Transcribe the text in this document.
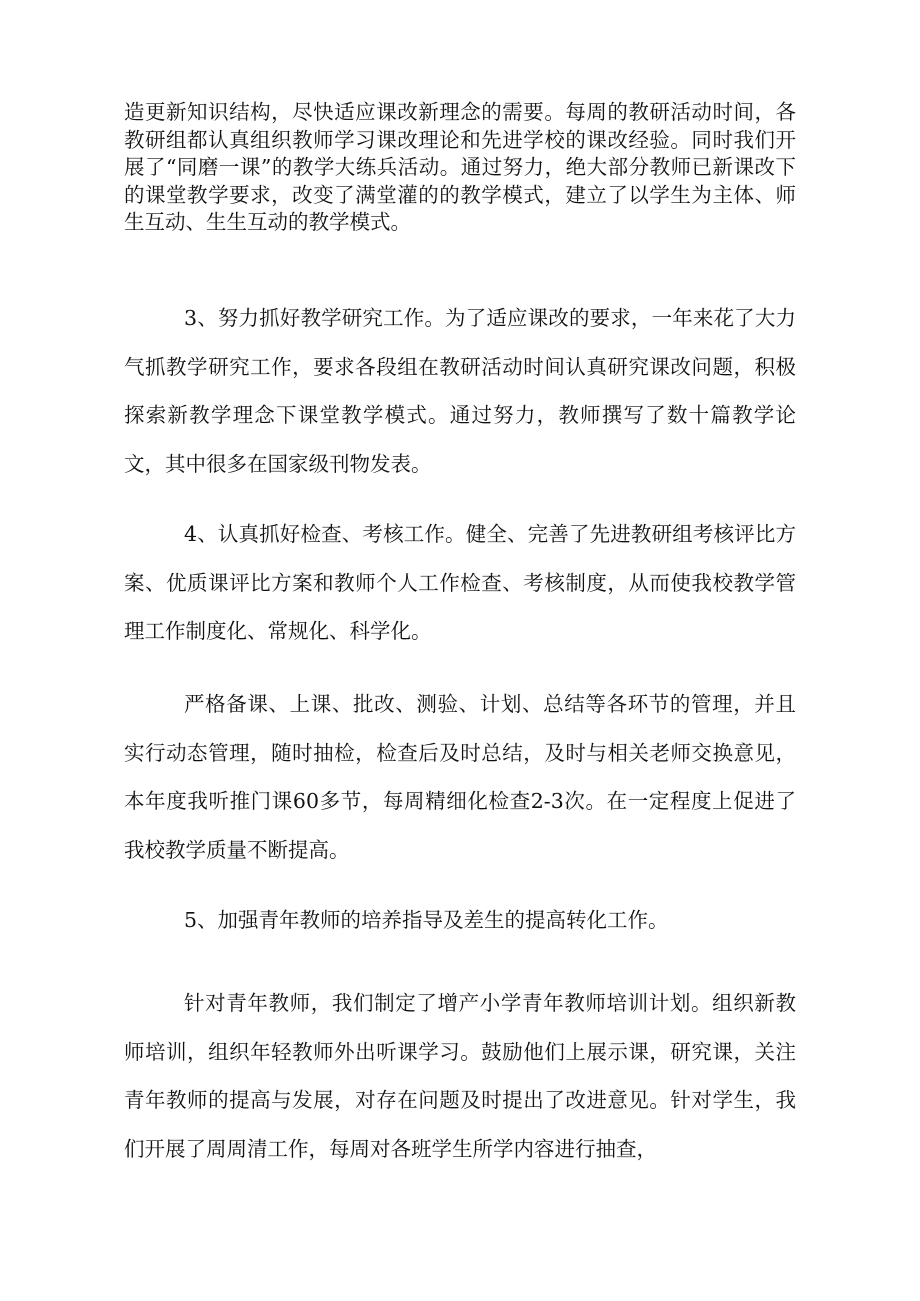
造更新知识结构，尽快适应课改新理念的需要。每周的教研活动时间，各教研组都认真组织教师学习课改理论和先进学校的课改经验。同时我们开展了“同磨一课”的教学大练兵活动。通过努力，绝大部分教师已新课改下的课堂教学要求，改变了满堂灌的的教学模式，建立了以学生为主体、师生互动、生生互动的教学模式。

3、努力抓好教学研究工作。为了适应课改的要求，一年来花了大力气抓教学研究工作，要求各段组在教研活动时间认真研究课改问题，积极探索新教学理念下课堂教学模式。通过努力，教师撰写了数十篇教学论文，其中很多在国家级刊物发表。

4、认真抓好检查、考核工作。健全、完善了先进教研组考核评比方案、优质课评比方案和教师个人工作检查、考核制度，从而使我校教学管理工作制度化、常规化、科学化。

严格备课、上课、批改、测验、计划、总结等各环节的管理，并且实行动态管理，随时抽检，检查后及时总结，及时与相关老师交换意见，本年度我听推门课60多节，每周精细化检查2-3次。在一定程度上促进了我校教学质量不断提高。

5、加强青年教师的培养指导及差生的提高转化工作。

针对青年教师，我们制定了增产小学青年教师培训计划。组织新教师培训，组织年轻教师外出听课学习。鼓励他们上展示课，研究课，关注青年教师的提高与发展，对存在问题及时提出了改进意见。针对学生，我们开展了周周清工作，每周对各班学生所学内容进行抽查，
